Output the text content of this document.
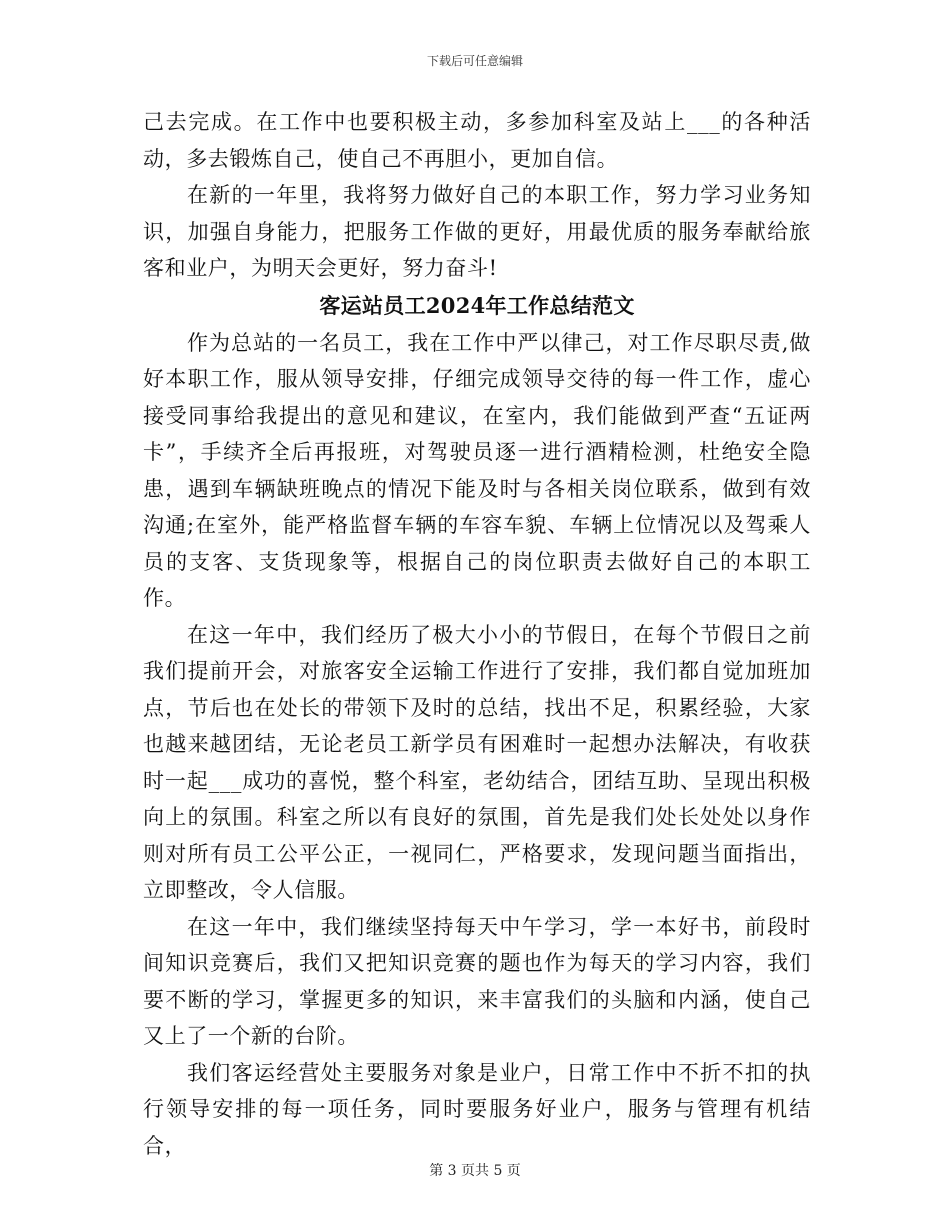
下载后可任意编辑

己去完成。在工作中也要积极主动，多参加科室及站上___的各种活动，多去锻炼自己，使自己不再胆小，更加自信。

在新的一年里，我将努力做好自己的本职工作，努力学习业务知识，加强自身能力，把服务工作做的更好，用最优质的服务奉献给旅客和业户，为明天会更好，努力奋斗!

客运站员工2024年工作总结范文

作为总站的一名员工，我在工作中严以律己，对工作尽职尽责,做好本职工作，服从领导安排，仔细完成领导交待的每一件工作，虚心接受同事给我提出的意见和建议，在室内，我们能做到严查“五证两卡”，手续齐全后再报班，对驾驶员逐一进行酒精检测，杜绝安全隐患，遇到车辆缺班晚点的情况下能及时与各相关岗位联系，做到有效沟通;在室外，能严格监督车辆的车容车貌、车辆上位情况以及驾乘人员的支客、支货现象等，根据自己的岗位职责去做好自己的本职工作。

在这一年中，我们经历了极大小小的节假日，在每个节假日之前我们提前开会，对旅客安全运输工作进行了安排，我们都自觉加班加点，节后也在处长的带领下及时的总结，找出不足，积累经验，大家也越来越团结，无论老员工新学员有困难时一起想办法解决，有收获时一起___成功的喜悦，整个科室，老幼结合，团结互助、呈现出积极向上的氛围。科室之所以有良好的氛围，首先是我们处长处处以身作则对所有员工公平公正，一视同仁，严格要求，发现问题当面指出，立即整改，令人信服。

在这一年中，我们继续坚持每天中午学习，学一本好书，前段时间知识竞赛后，我们又把知识竞赛的题也作为每天的学习内容，我们要不断的学习，掌握更多的知识，来丰富我们的头脑和内涵，使自己又上了一个新的台阶。

我们客运经营处主要服务对象是业户，日常工作中不折不扣的执行领导安排的每一项任务，同时要服务好业户，服务与管理有机结合，

第 3 页共 5 页
